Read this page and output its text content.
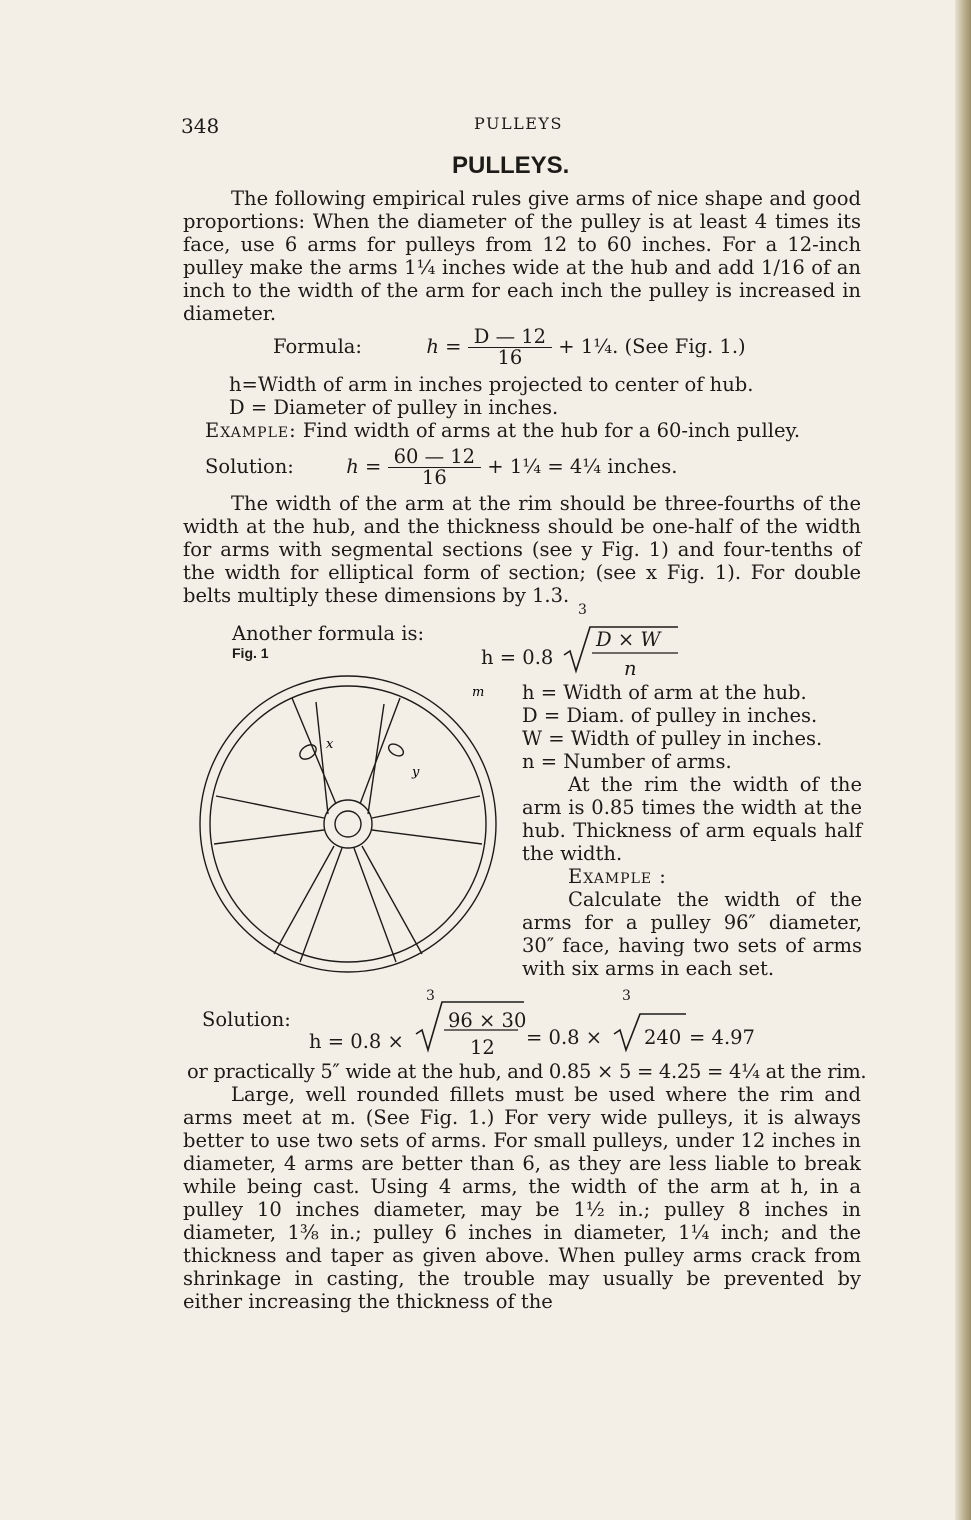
348	PULLEYS
PULLEYS.

The following empirical rules give arms of nice shape and good proportions: When the diameter of the pulley is at least 4 times its face, use 6 arms for pulleys from 12 to 60 inches. For a 12-inch pulley make the arms 1¼ inches wide at the hub and add 1/16 of an inch to the width of the arm for each inch the pulley is increased in diameter.

Formula:	$h = \frac{D — 12}{16}$ + 1¼. (See Fig. 1.)
h=Width of arm in inches projected to center of hub.
D = Diameter of pulley in inches.
Example: Find width of arms at the hub for a 60-inch pulley.
Solution:	$h = \frac{60 — 12}{16}$ + 1¼ = 4¼ inches.

The width of the arm at the rim should be three-fourths of the width at the hub, and the thickness should be one-half of the width for arms with segmental sections (see y Fig. 1) and four-tenths of the width for elliptical form of section; (see x Fig. 1). For double belts multiply these dimensions by 1.3.

Another formula is:
Fig. 1	h = 0.8
3
D × W
n
x
y
m h = Width of arm at the hub.

D = Diam. of pulley in inches.

W = Width of pulley in inches.

n = Number of arms.

At the rim the width of the arm is 0.85 times the width at the hub. Thickness of arm equals half the width.

Example :

Calculate the width of the arms for a pulley 96″ diameter, 30″ face, having two sets of arms with six arms in each set.

Solution:
h = 0.8 ×
3
96 × 30
12 = 0.8 ×
3
240 = 4.97
or practically 5″ wide at the hub, and 0.85 × 5 = 4.25 = 4¼ at the rim.

Large, well rounded fillets must be used where the rim and arms meet at m. (See Fig. 1.) For very wide pulleys, it is always better to use two sets of arms. For small pulleys, under 12 inches in diameter, 4 arms are better than 6, as they are less liable to break while being cast. Using 4 arms, the width of the arm at h, in a pulley 10 inches diameter, may be 1½ in.; pulley 8 inches in diameter, 1⅜ in.; pulley 6 inches in diameter, 1¼ inch; and the thickness and taper as given above. When pulley arms crack from shrinkage in casting, the trouble may usually be prevented by either increasing the thickness of the
